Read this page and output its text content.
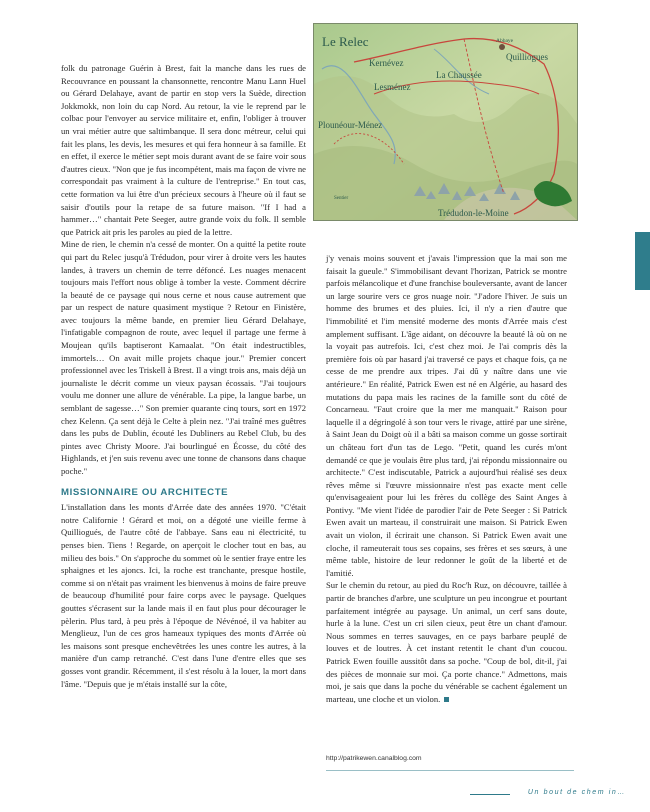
Le Relec
Kernévez
La Chaussée
Lesménez
Abbaye
Quilliogues
Plounéour-Ménez
Trédudon-le-Moine
Sentier

folk du patronage Guérin à Brest, fait la manche dans les rues de Recouvrance en poussant la chansonnette, rencontre Manu Lann Huel ou Gérard Delahaye, avant de partir en stop vers la Suède, direction Jokkmokk, non loin du cap Nord. Au retour, la vie le reprend par le colbac pour l'envoyer au service militaire et, enfin, l'obliger à trouver un vrai métier autre que saltimbanque. Il sera donc métreur, celui qui fait les plans, les devis, les mesures et qui fera honneur à sa famille. Et en effet, il exerce le métier sept mois durant avant de se faire voir sous d'autres cieux. "Non que je fus incompétent, mais ma façon de vivre ne correspondait pas vraiment à la culture de l'entreprise." En tout cas, cette formation va lui être d'un précieux secours à l'heure où il faut se saisir d'outils pour la retape de sa future maison. "If I had a hammer…" chantait Pete Seeger, autre grande voix du folk. Il semble que Patrick ait pris les paroles au pied de la lettre.

Mine de rien, le chemin n'a cessé de monter. On a quitté la petite route qui part du Relec jusqu'à Trédudon, pour virer à droite vers les hautes landes, à travers un chemin de terre défoncé. Les nuages menacent toujours mais l'effort nous oblige à tomber la veste. Comment décrire la beauté de ce paysage qui nous cerne et nous cause autrement que par un respect de nature quasiment mystique ? Retour en Finistère, avec toujours la même bande, en premier lieu Gérard Delahaye, l'infatigable compagnon de route, avec lequel il partage une ferme à Moujean qu'ils baptiseront Kamaalat. "On était indestructibles, immortels… On avait mille projets chaque jour." Premier concert professionnel avec les Triskell à Brest. Il a vingt trois ans, mais déjà un journaliste le décrit comme un vieux paysan écossais. "J'ai toujours voulu me donner une allure de vénérable. La pipe, la langue barbe, un semblant de sagesse…" Son premier quarante cinq tours, sort en 1972 chez Kelenn. Ça sent déjà le Celte à plein nez. "J'ai traîné mes guêtres dans les pubs de Dublin, écouté les Dubliners au Rebel Club, bu des pintes avec Christy Moore. J'ai bourlingué en Écosse, du côté des Highlands, et j'en suis revenu avec une tonne de chansons dans chaque poche."

MISSIONNAIRE OU ARCHITECTE

L'installation dans les monts d'Arrée date des années 1970. "C'était notre Californie ! Gérard et moi, on a dégoté une vieille ferme à Quilliogués, de l'autre côté de l'abbaye. Sans eau ni électricité, tu penses bien. Tiens ! Regarde, on aperçoit le clocher tout en bas, au milieu des bois." On s'approche du sommet où le sentier fraye entre les sphaignes et les ajoncs. Ici, la roche est tranchante, presque hostile, comme si on n'était pas vraiment les bienvenus à moins de faire preuve de beaucoup d'humilité pour faire corps avec le paysage. Quelques gouttes s'écrasent sur la lande mais il en faut plus pour décourager le pèlerin. Plus tard, à peu près à l'époque de Névénoé, il va habiter au Menglieuz, l'un de ces gros hameaux typiques des monts d'Arrée où les maisons sont presque enchevêtrées les unes contre les autres, à la manière d'un camp retranché. C'est dans l'une d'entre elles que ses gosses vont grandir. Récemment, il s'est résolu à la louer, la mort dans l'âme. "Depuis que je m'étais installé sur la côte,

j'y venais moins souvent et j'avais l'impression que la mai son me faisait la gueule." S'immobilisant devant l'horizan, Patrick se montre parfois mélancolique et d'une franchise bouleversante, avant de lancer un large sourire vers ce gros nuage noir. "J'adore l'hiver. Je suis un homme des brumes et des pluies. Ici, il n'y a rien d'autre que l'immobilité et l'im mensité moderne des monts d'Arrée mais c'est amplement suffisant. L'âge aidant, on découvre la beauté là où on ne la voyait pas autrefois. Ici, c'est chez moi. Je l'ai compris dès la première fois où par hasard j'ai traversé ce pays et chaque fois, ça ne cesse de me prendre aux tripes. J'ai dû y naître dans une vie antérieure." En réalité, Patrick Ewen est né en Algérie, au hasard des mutations du papa mais les racines de la famille sont du côté de Concarneau. "Faut croire que la mer me manquait." Raison pour laquelle il a dégringolé à son tour vers le rivage, attiré par une sirène, à Saint Jean du Doigt où il a bâti sa maison comme un gosse sortirait un château fort d'un tas de Lego. "Petit, quand les curés m'ont demandé ce que je voulais être plus tard, j'ai répondu missionnaire ou architecte." C'est indiscutable, Patrick a aujourd'hui réalisé ses deux rêves même si l'œuvre missionnaire n'est pas exacte ment celle qu'envisageaient pour lui les frères du collège des Saint Anges à Pontivy. "Me vient l'idée de parodier l'air de Pete Seeger : Si Patrick Ewen avait un marteau, il construirait une maison. Si Patrick Ewen avait un violon, il écrirait une chanson. Si Patrick Ewen avait une cloche, il rameuterait tous ses copains, ses frères et ses sœurs, à une même table, histoire de leur redonner le goût de la liberté et de l'amitié.

Sur le chemin du retour, au pied du Roc'h Ruz, on découvre, taillée à partir de branches d'arbre, une sculpture un peu incongrue et pourtant parfaitement intégrée au paysage. Un animal, un cerf sans doute, hurle à la lune. C'est un cri silen cieux, peut être un chant d'amour. Nous sommes en terres sauvages, en ce pays barbare peuplé de louves et de loutres. À cet instant retentit le chant d'un coucou. Patrick Ewen fouille aussitôt dans sa poche. "Coup de bol, dit-il, j'ai des pièces de monnaie sur moi. Ça porte chance." Admettons, mais moi, je sais que dans la poche du vénérable se cachent également un marteau, une cloche et un violon.

http://patrikewen.canalblog.com
Un bout de chem in…
